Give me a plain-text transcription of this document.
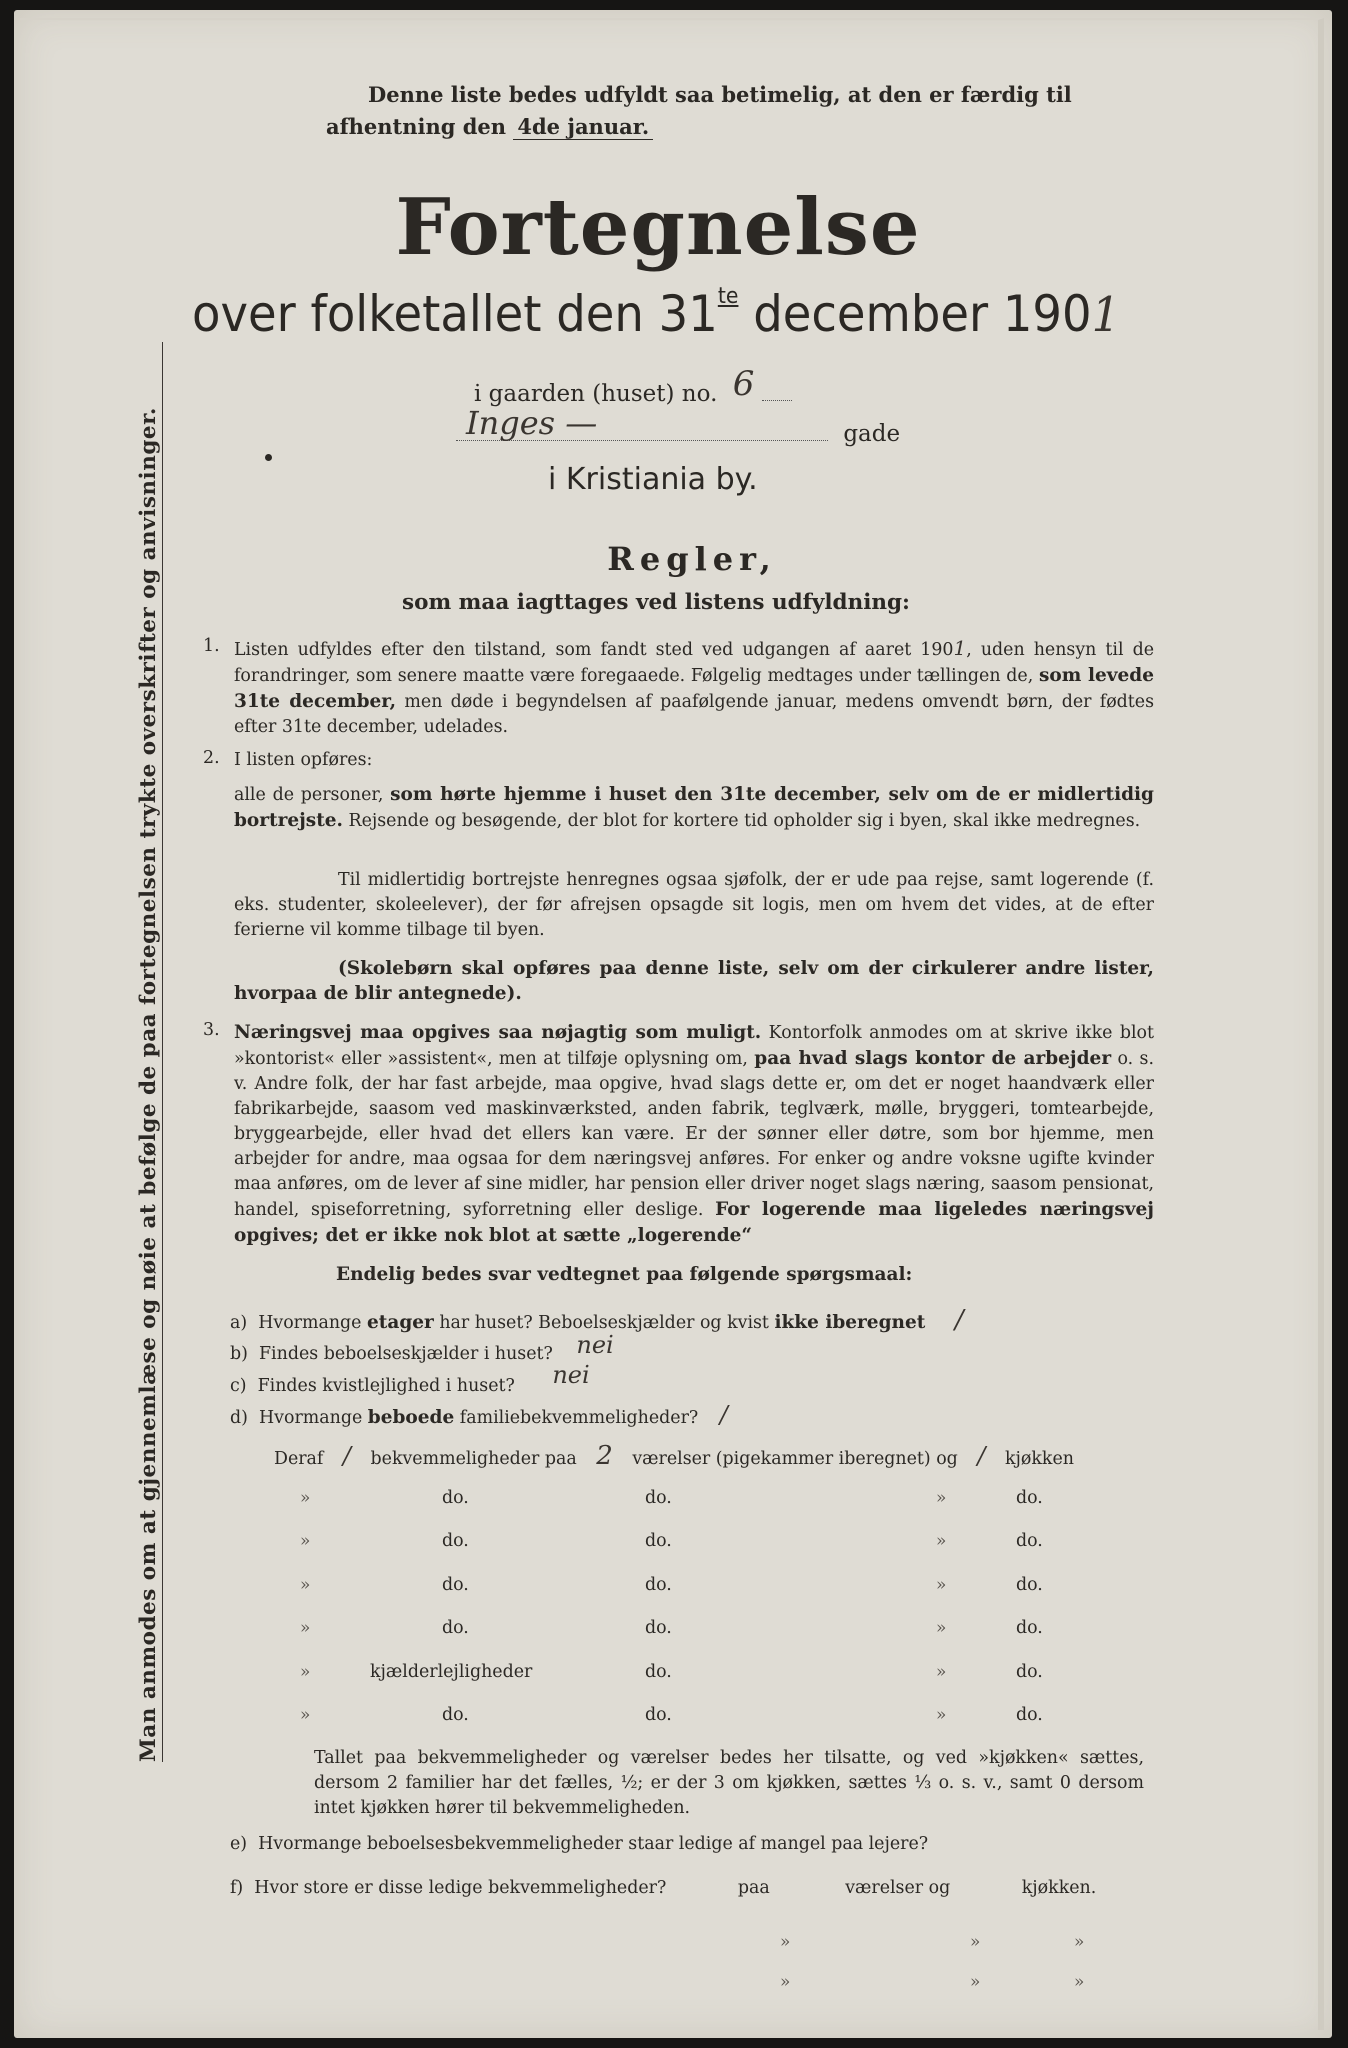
Man anmodes om at gjennemlæse og nøie at befølge de paa fortegnelsen trykte overskrifter og anvisninger.
Denne liste bedes udfyldt saa betimelig, at den er færdig til
afhentning den 4de januar.
Fortegnelse
over folketallet den $31^{te}$ december 1901
i gaarden (huset) no. 6
Inges —	gade
i Kristiania by.
Regler,
som maa iagttages ved listens udfyldning:
1. Listen udfyldes efter den tilstand, som fandt sted ved udgangen af aaret 1901, uden hensyn til de forandringer, som senere maatte være foregaaede. Følgelig medtages under tællingen de, som levede 31te december, men døde i begyndelsen af paafølgende januar, medens omvendt børn, der fødtes efter 31te december, udelades.
2. I listen opføres:
alle de personer, som hørte hjemme i huset den 31te december, selv om de er midlertidig bortrejste. Rejsende og besøgende, der blot for kortere tid opholder sig i byen, skal ikke medregnes.
Til midlertidig bortrejste henregnes ogsaa sjøfolk, der er ude paa rejse, samt logerende (f. eks. studenter, skoleelever), der før afrejsen opsagde sit logis, men om hvem det vides, at de efter ferierne vil komme tilbage til byen.
(Skolebørn skal opføres paa denne liste, selv om der cirkulerer andre lister, hvorpaa de blir antegnede).
3. Næringsvej maa opgives saa nøjagtig som muligt. Kontorfolk anmodes om at skrive ikke blot »kontorist« eller »assistent«, men at tilføje oplysning om, paa hvad slags kontor de arbejder o. s. v. Andre folk, der har fast arbejde, maa opgive, hvad slags dette er, om det er noget haandværk eller fabrikarbejde, saasom ved maskinværksted, anden fabrik, teglværk, mølle, bryggeri, tomtearbejde, bryggearbejde, eller hvad det ellers kan være. Er der sønner eller døtre, som bor hjemme, men arbejder for andre, maa ogsaa for dem næringsvej anføres. For enker og andre voksne ugifte kvinder maa anføres, om de lever af sine midler, har pension eller driver noget slags næring, saasom pensionat, handel, spiseforretning, syforretning eller deslige. For logerende maa ligeledes næringsvej opgives; det er ikke nok blot at sætte „logerende“
Endelig bedes svar vedtegnet paa følgende spørgsmaal:
a) Hvormange etager har huset? Beboelseskjælder og kvist ikke iberegnet /
b) Findes beboelseskjælder i huset? nei
c) Findes kvistlejlighed i huset? nei
d) Hvormange beboede familiebekvemmeligheder? /
Deraf / bekvemmeligheder paa 2 værelser (pigekammer iberegnet) og / kjøkken
»	do.	do.	»	do.
»	do.	do.	»	do.
»	do.	do.	»	do.
»	do.	do.	»	do.
»	kjælderlejligheder	do.	»	do.
»	do.	do.	»	do.
Tallet paa bekvemmeligheder og værelser bedes her tilsatte, og ved »kjøkken« sættes, dersom 2 familier har det fælles, ½; er der 3 om kjøkken, sættes ⅓ o. s. v., samt 0 dersom intet kjøkken hører til bekvemmeligheden.
e) Hvormange beboelsesbekvemmeligheder staar ledige af mangel paa lejere?
f) Hvor store er disse ledige bekvemmeligheder?	paa	værelser og	kjøkken.
»	»	»
»	»	»
